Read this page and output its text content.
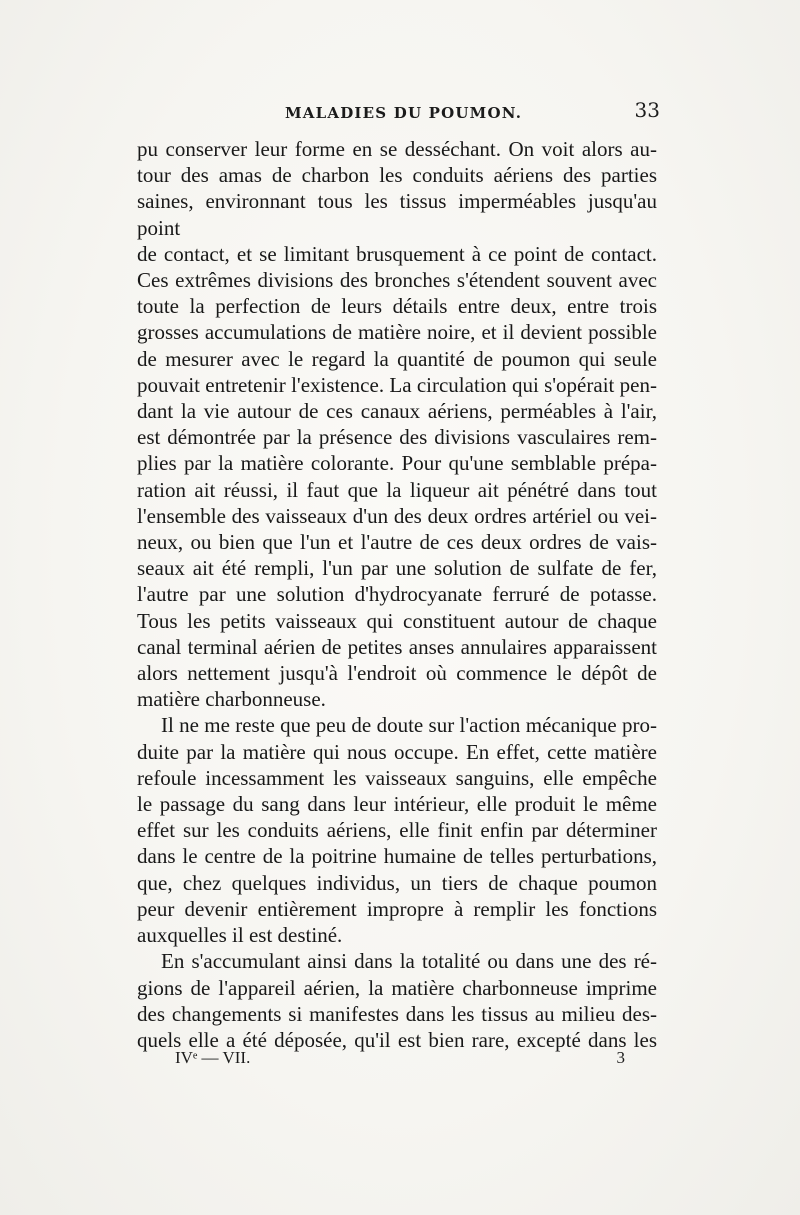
MALADIES DU POUMON.	33

pu conserver leur forme en se desséchant. On voit alors au-

tour des amas de charbon les conduits aériens des parties

saines, environnant tous les tissus imperméables jusqu'au point

de contact, et se limitant brusquement à ce point de contact.

Ces extrêmes divisions des bronches s'étendent souvent avec

toute la perfection de leurs détails entre deux, entre trois

grosses accumulations de matière noire, et il devient possible

de mesurer avec le regard la quantité de poumon qui seule

pouvait entretenir l'existence. La circulation qui s'opérait pen-

dant la vie autour de ces canaux aériens, perméables à l'air,

est démontrée par la présence des divisions vasculaires rem-

plies par la matière colorante. Pour qu'une semblable prépa-

ration ait réussi, il faut que la liqueur ait pénétré dans tout

l'ensemble des vaisseaux d'un des deux ordres artériel ou vei-

neux, ou bien que l'un et l'autre de ces deux ordres de vais-

seaux ait été rempli, l'un par une solution de sulfate de fer,

l'autre par une solution d'hydrocyanate ferruré de potasse.

Tous les petits vaisseaux qui constituent autour de chaque

canal terminal aérien de petites anses annulaires apparaissent

alors nettement jusqu'à l'endroit où commence le dépôt de

matière charbonneuse.

Il ne me reste que peu de doute sur l'action mécanique pro-

duite par la matière qui nous occupe. En effet, cette matière

refoule incessamment les vaisseaux sanguins, elle empêche

le passage du sang dans leur intérieur, elle produit le même

effet sur les conduits aériens, elle finit enfin par déterminer

dans le centre de la poitrine humaine de telles perturbations,

que, chez quelques individus, un tiers de chaque poumon

peur devenir entièrement impropre à remplir les fonctions

auxquelles il est destiné.

En s'accumulant ainsi dans la totalité ou dans une des ré-

gions de l'appareil aérien, la matière charbonneuse imprime

des changements si manifestes dans les tissus au milieu des-

quels elle a été déposée, qu'il est bien rare, excepté dans les

IVᵉ — VII.	3
